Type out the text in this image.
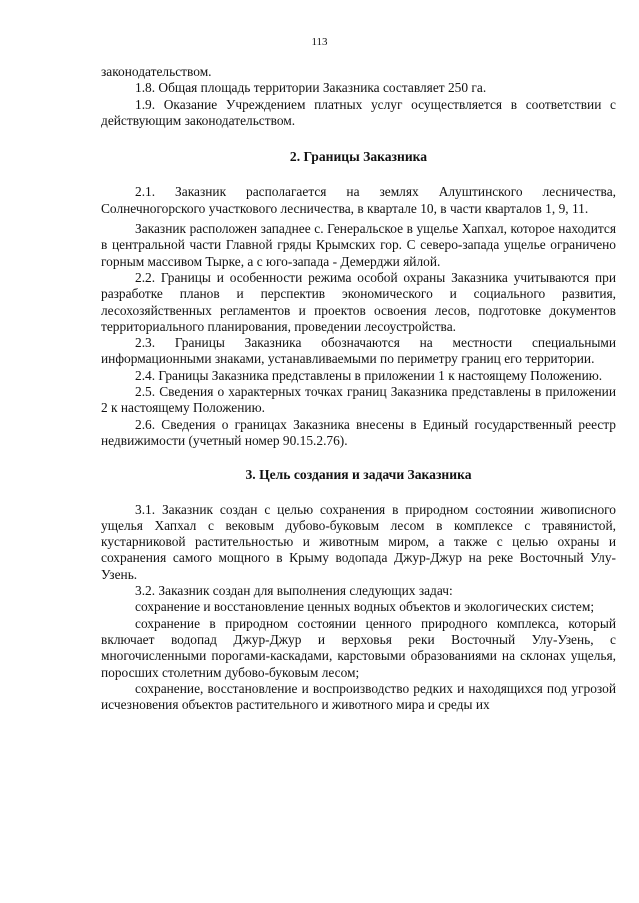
113

законодательством.

1.8. Общая площадь территории Заказника составляет 250 га.

1.9. Оказание Учреждением платных услуг осуществляется в соответствии с действующим законодательством.

2. Границы Заказника

2.1. Заказник располагается на землях Алуштинского лесничества, Солнечногорского участкового лесничества, в квартале 10, в части кварталов 1, 9, 11.

Заказник расположен западнее с. Генеральское в ущелье Хапхал, которое находится в центральной части Главной гряды Крымских гор. С северо-запада ущелье ограничено горным массивом Тырке, а с юго-запада - Демерджи яйлой.

2.2. Границы и особенности режима особой охраны Заказника учитываются при разработке планов и перспектив экономического и социального развития, лесохозяйственных регламентов и проектов освоения лесов, подготовке документов территориального планирования, проведении лесоустройства.

2.3. Границы Заказника обозначаются на местности специальными информационными знаками, устанавливаемыми по периметру границ его территории.

2.4. Границы Заказника представлены в приложении 1 к настоящему Положению.

2.5. Сведения о характерных точках границ Заказника представлены в приложении 2 к настоящему Положению.

2.6. Сведения о границах Заказника внесены в Единый государственный реестр недвижимости (учетный номер 90.15.2.76).

3. Цель создания и задачи Заказника

3.1. Заказник создан с целью сохранения в природном состоянии живописного ущелья Хапхал с вековым дубово-буковым лесом в комплексе с травянистой, кустарниковой растительностью и животным миром, а также с целью охраны и сохранения самого мощного в Крыму водопада Джур-Джур на реке Восточный Улу-Узень.

3.2. Заказник создан для выполнения следующих задач:

сохранение и восстановление ценных водных объектов и экологических систем;

сохранение в природном состоянии ценного природного комплекса, который включает водопад Джур-Джур и верховья реки Восточный Улу-Узень, с многочисленными порогами-каскадами, карстовыми образованиями на склонах ущелья, поросших столетним дубово-буковым лесом;

сохранение, восстановление и воспроизводство редких и находящихся под угрозой исчезновения объектов растительного и животного мира и среды их
